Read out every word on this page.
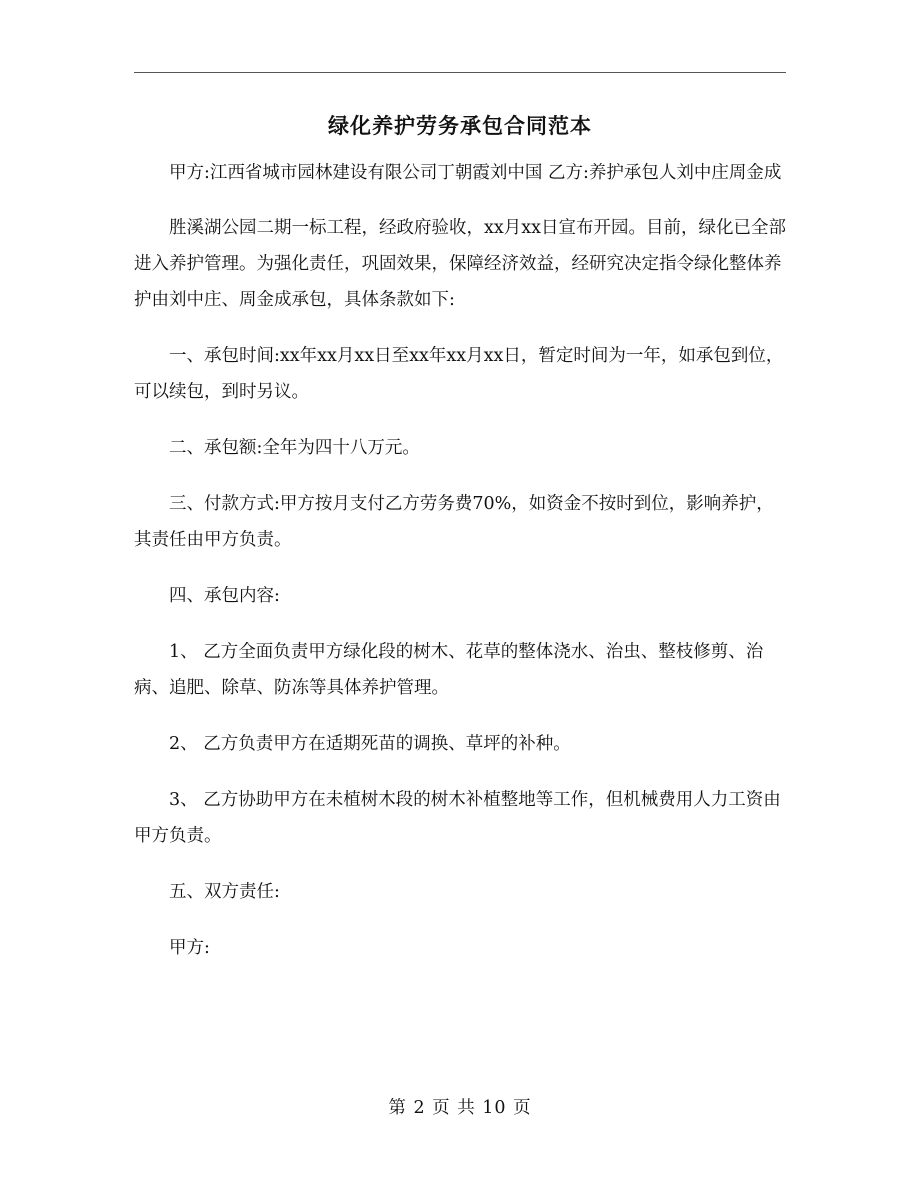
绿化养护劳务承包合同范本

甲方:江西省城市园林建设有限公司丁朝霞刘中国 乙方:养护承包人刘中庄周金成

胜溪湖公园二期一标工程，经政府验收，xx月xx日宣布开园。目前，绿化已全部进入养护管理。为强化责任，巩固效果，保障经济效益，经研究决定指令绿化整体养护由刘中庄、周金成承包，具体条款如下:

一、承包时间:xx年xx月xx日至xx年xx月xx日，暂定时间为一年，如承包到位，可以续包，到时另议。

二、承包额:全年为四十八万元。

三、付款方式:甲方按月支付乙方劳务费70%，如资金不按时到位，影响养护，其责任由甲方负责。

四、承包内容:

1、 乙方全面负责甲方绿化段的树木、花草的整体浇水、治虫、整枝修剪、治病、追肥、除草、防冻等具体养护管理。

2、 乙方负责甲方在适期死苗的调换、草坪的补种。

3、 乙方协助甲方在未植树木段的树木补植整地等工作，但机械费用人力工资由甲方负责。

五、双方责任:

甲方:

第 2 页 共 10 页
